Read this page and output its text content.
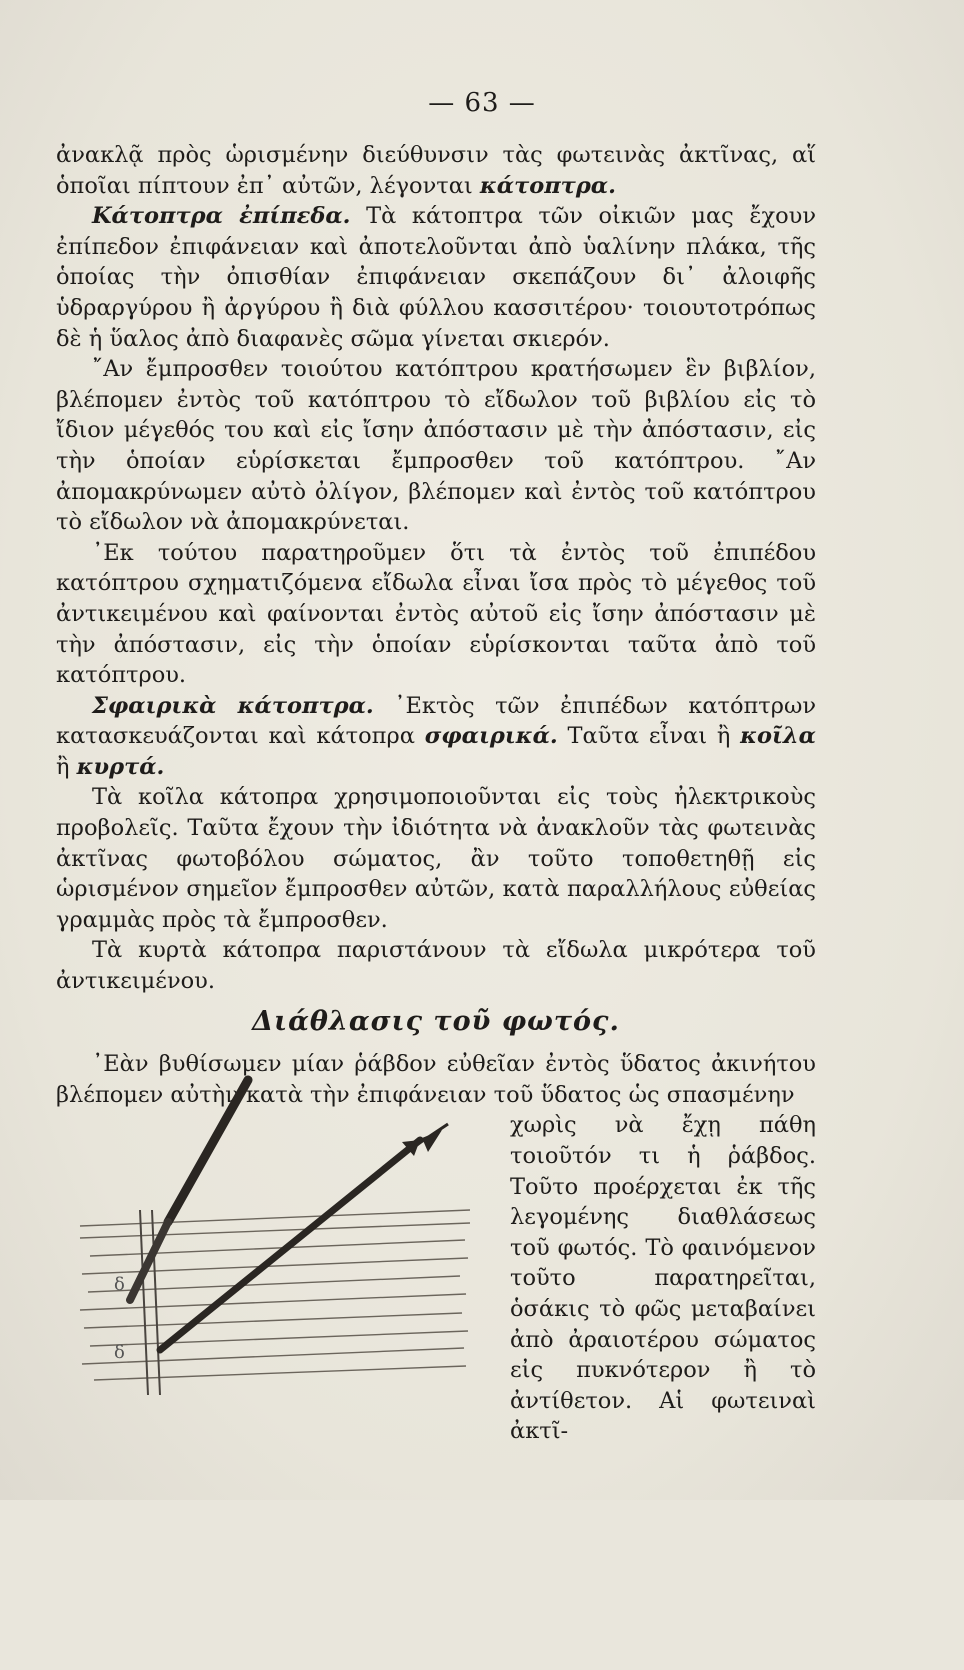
— 63 —

ἀνακλᾷ πρὸς ὡρισμένην διεύθυνσιν τὰς φωτεινὰς ἀκτῖνας, αἵ ὁποῖαι πίπτουν ἐπ᾽ αὐτῶν, λέγονται κάτοπτρα.

Κάτοπτρα ἐπίπεδα. Τὰ κάτοπτρα τῶν οἰκιῶν μας ἔχουν ἐπίπεδον ἐπιφάνειαν καὶ ἀποτελοῦνται ἀπὸ ὑαλίνην πλάκα, τῆς ὁποίας τὴν ὀπισθίαν ἐπιφάνειαν σκεπάζουν δι᾽ ἀλοιφῆς ὑδραργύρου ἢ ἀργύρου ἢ διὰ φύλλου κασσιτέρου· τοιουτοτρόπως δὲ ἡ ὕαλος ἀπὸ διαφανὲς σῶμα γίνεται σκιερόν.

῎Αν ἔμπροσθεν τοιούτου κατόπτρου κρατήσωμεν ἓν βιβλίον, βλέπομεν ἐντὸς τοῦ κατόπτρου τὸ εἴδωλον τοῦ βιβλίου εἰς τὸ ἴδιον μέγεθός του καὶ εἰς ἴσην ἀπόστασιν μὲ τὴν ἀπόστασιν, εἰς τὴν ὁποίαν εὑρίσκεται ἔμπροσθεν τοῦ κατόπτρου. ῎Αν ἀπομακρύνωμεν αὐτὸ ὀλίγον, βλέπομεν καὶ ἐντὸς τοῦ κατόπτρου τὸ εἴδωλον νὰ ἀπομακρύνεται.

᾽Εκ τούτου παρατηροῦμεν ὅτι τὰ ἐντὸς τοῦ ἐπιπέδου κατόπτρου σχηματιζόμενα εἴδωλα εἶναι ἴσα πρὸς τὸ μέγεθος τοῦ ἀντικειμένου καὶ φαίνονται ἐντὸς αὐτοῦ εἰς ἴσην ἀπόστασιν μὲ τὴν ἀπόστασιν, εἰς τὴν ὁποίαν εὑρίσκονται ταῦτα ἀπὸ τοῦ κατόπτρου.

Σφαιρικὰ κάτοπτρα. ᾽Εκτὸς τῶν ἐπιπέδων κατόπτρων κατασκευάζονται καὶ κάτοπρα σφαιρικά. Ταῦτα εἶναι ἢ κοῖλα ἢ κυρτά.

Τὰ κοῖλα κάτοπρα χρησιμοποιοῦνται εἰς τοὺς ἠλεκτρικοὺς προβολεῖς. Ταῦτα ἔχουν τὴν ἰδιότητα νὰ ἀνακλοῦν τὰς φωτεινὰς ἀκτῖνας φωτοβόλου σώματος, ἂν τοῦτο τοποθετηθῇ εἰς ὡρισμένον σημεῖον ἔμπροσθεν αὐτῶν, κατὰ παραλλήλους εὐθείας γραμμὰς πρὸς τὰ ἔμπροσθεν.

Τὰ κυρτὰ κάτοπρα παριστάνουν τὰ εἴδωλα μικρότερα τοῦ ἀντικειμένου.

Διάθλασις τοῦ φωτός.

᾽Εὰν βυθίσωμεν μίαν ῥάβδον εὐθεῖαν ἐντὸς ὕδατος ἀκινήτου βλέπομεν αὐτὴν κατὰ τὴν ἐπιφάνειαν τοῦ ὕδατος ὡς σπασμένην

χωρὶς νὰ ἔχῃ πάθη τοιοῦτόν τι ἡ ῥάβδος. Τοῦτο προέρχεται ἐκ τῆς λεγομένης διαθλάσεως τοῦ φωτός. Τὸ φαινόμενον τοῦτο παρατηρεῖται, ὁσάκις τὸ φῶς μεταβαίνει ἀπὸ ἀραιοτέρου σώματος εἰς πυκνότερον ἢ τὸ ἀντίθετον. Αἱ φωτειναὶ ἀκτῖ-

δ
δ
